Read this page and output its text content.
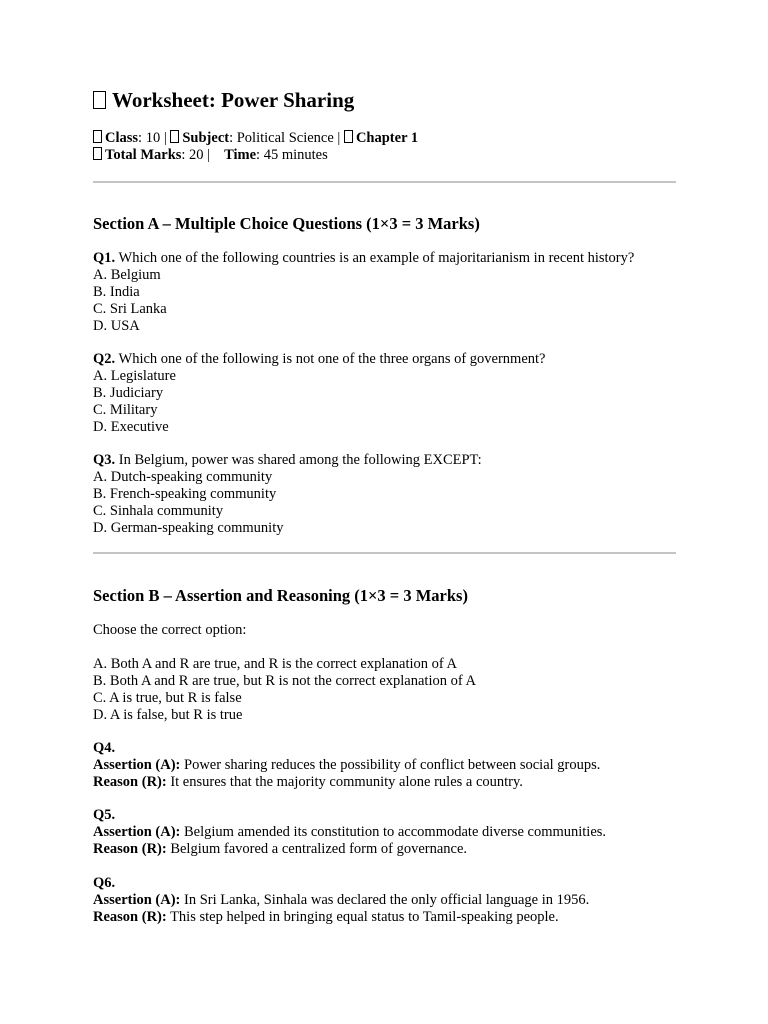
Worksheet: Power Sharing
Class: 10 | Subject: Political Science | Chapter 1
Total Marks: 20 | Time: 45 minutes
Section A – Multiple Choice Questions (1×3 = 3 Marks)
Q1. Which one of the following countries is an example of majoritarianism in recent history?
A. Belgium
B. India
C. Sri Lanka
D. USA
Q2. Which one of the following is not one of the three organs of government?
A. Legislature
B. Judiciary
C. Military
D. Executive
Q3. In Belgium, power was shared among the following EXCEPT:
A. Dutch-speaking community
B. French-speaking community
C. Sinhala community
D. German-speaking community
Section B – Assertion and Reasoning (1×3 = 3 Marks)
Choose the correct option:
A. Both A and R are true, and R is the correct explanation of A
B. Both A and R are true, but R is not the correct explanation of A
C. A is true, but R is false
D. A is false, but R is true
Q4.
Assertion (A): Power sharing reduces the possibility of conflict between social groups.
Reason (R): It ensures that the majority community alone rules a country.
Q5.
Assertion (A): Belgium amended its constitution to accommodate diverse communities.
Reason (R): Belgium favored a centralized form of governance.
Q6.
Assertion (A): In Sri Lanka, Sinhala was declared the only official language in 1956.
Reason (R): This step helped in bringing equal status to Tamil-speaking people.
